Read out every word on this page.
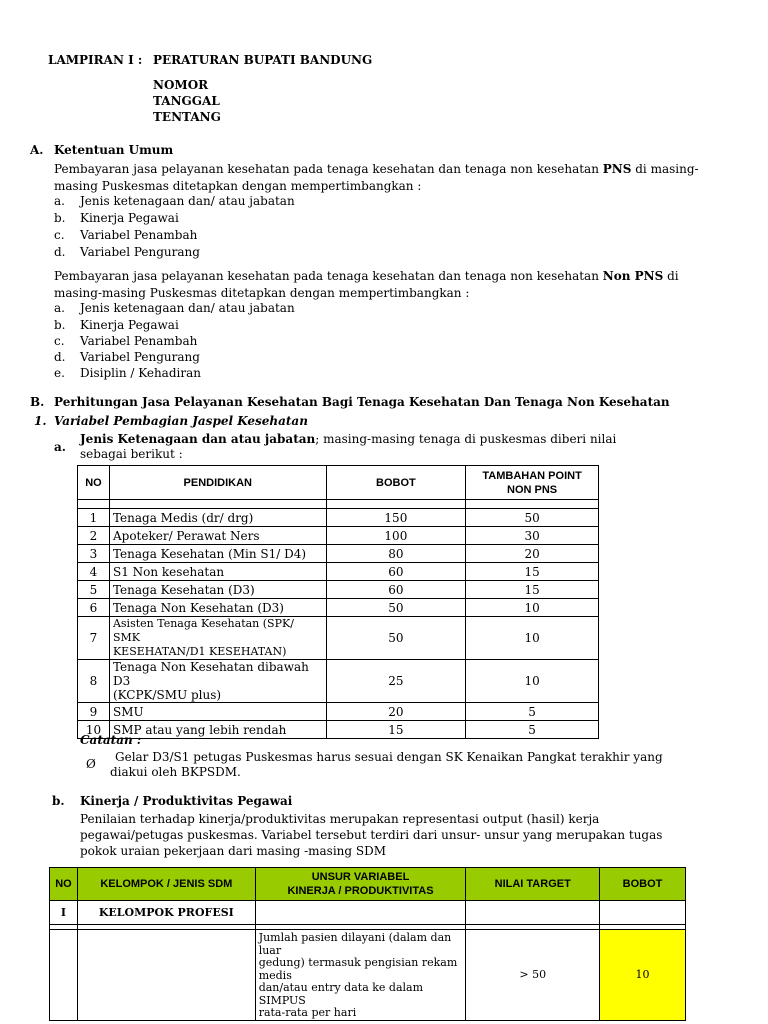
LAMPIRAN I : PERATURAN BUPATI BANDUNG
NOMOR
TANGGAL
TENTANG
A. Ketentuan Umum
Pembayaran jasa pelayanan kesehatan pada tenaga kesehatan dan tenaga non kesehatan PNS di masing-
masing Puskesmas ditetapkan dengan mempertimbangkan :
a. Jenis ketenagaan dan/ atau jabatan
b. Kinerja Pegawai
c. Variabel Penambah
d. Variabel Pengurang
Pembayaran jasa pelayanan kesehatan pada tenaga kesehatan dan tenaga non kesehatan Non PNS di
masing-masing Puskesmas ditetapkan dengan mempertimbangkan :
a. Jenis ketenagaan dan/ atau jabatan
b. Kinerja Pegawai
c. Variabel Penambah
d. Variabel Pengurang
e. Disiplin / Kehadiran
B. Perhitungan Jasa Pelayanan Kesehatan Bagi Tenaga Kesehatan Dan Tenaga Non Kesehatan
1. Variabel Pembagian Jaspel Kesehatan
a.
Jenis Ketenagaan dan atau jabatan; masing-masing tenaga di puskesmas diberi nilai
sebagai berikut :
NO	PENDIDIKAN	BOBOT	TAMBAHAN POINT
NON PNS

1	Tenaga Medis (dr/ drg)	150	50
2	Apoteker/ Perawat Ners	100	30
3	Tenaga Kesehatan (Min S1/ D4)	80	20
4	S1 Non kesehatan	60	15
5	Tenaga Kesehatan (D3)	60	15
6	Tenaga Non Kesehatan (D3)	50	10
7	Asisten Tenaga Kesehatan (SPK/ SMK
KESEHATAN/D1 KESEHATAN)	50	10
8	Tenaga Non Kesehatan dibawah D3
(KCPK/SMU plus)	25	10
9	SMU	20	5
10	SMP atau yang lebih rendah	15	5
Catatan :
Ø Gelar D3/S1 petugas Puskesmas harus sesuai dengan SK Kenaikan Pangkat terakhir yang
diakui oleh BKPSDM.
b. Kinerja / Produktivitas Pegawai
Penilaian terhadap kinerja/produktivitas merupakan representasi output (hasil) kerja
pegawai/petugas puskesmas. Variabel tersebut terdiri dari unsur- unsur yang merupakan tugas
pokok uraian pekerjaan dari masing -masing SDM
NO	KELOMPOK / JENIS SDM	UNSUR VARIABEL
KINERJA / PRODUKTIVITAS	NILAI TARGET	BOBOT
I	KELOMPOK PROFESI			

		Jumlah pasien dilayani (dalam dan luar
gedung) termasuk pengisian rekam medis
dan/atau entry data ke dalam SIMPUS
rata-rata per hari	> 50	10
